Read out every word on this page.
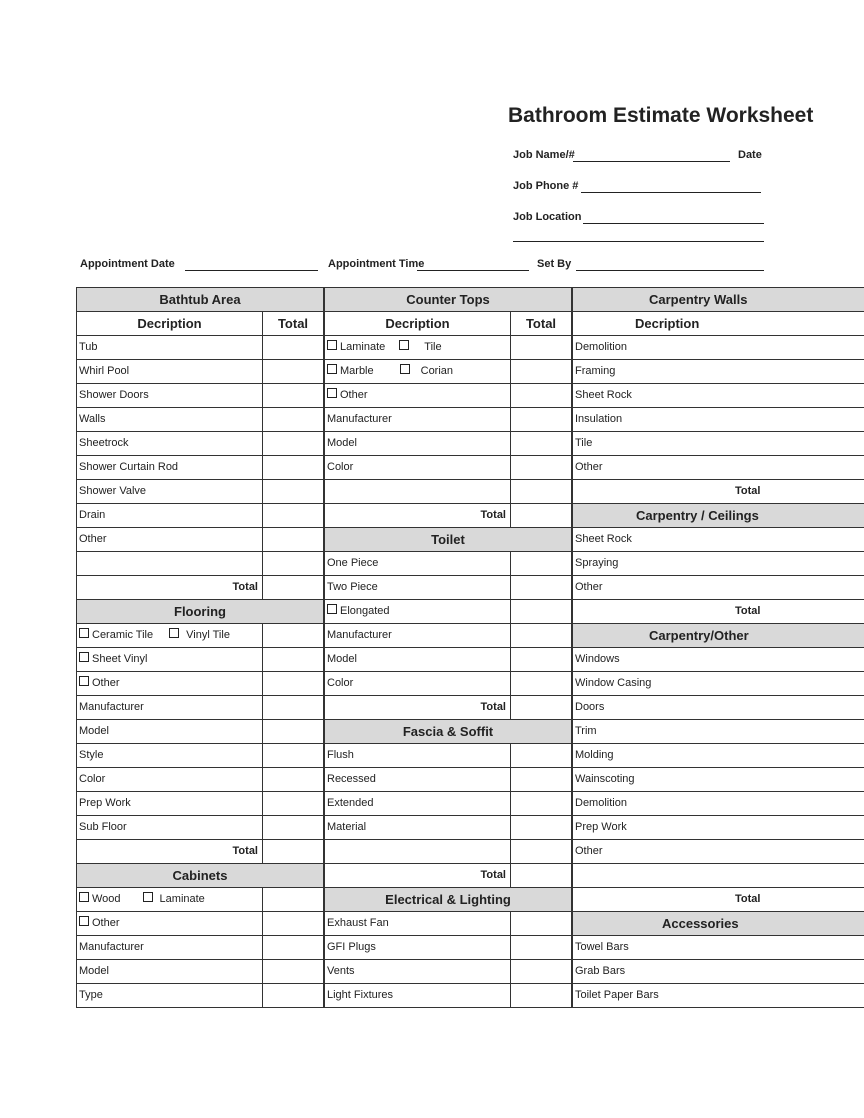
Bathroom Estimate Worksheet
Job Name/#	Date
Job Phone #
Job Location
Appointment Date	Appointment Time	Set By
Bathtub Area
Decription	Total
Tub
Whirl Pool
Shower Doors
Walls
Sheetrock
Shower Curtain Rod
Shower Valve
Drain
Other
Total
Flooring
Ceramic Tile	Vinyl Tile
Sheet Vinyl
Other
Manufacturer
Model
Style
Color
Prep Work
Sub Floor
Total
Cabinets
Wood	Laminate
Other
Manufacturer
Model
Type
Counter Tops
Decription	Total
Laminate	Tile
Marble	Corian
Other
Manufacturer
Model
Color
Total
Toilet
One Piece
Two Piece
Elongated
Manufacturer
Model
Color
Total
Fascia & Soffit
Flush
Recessed
Extended
Material
Total
Electrical & Lighting
Exhaust Fan
GFI Plugs
Vents
Light Fixtures
Carpentry Walls
Decription
Demolition
Framing
Sheet Rock
Insulation
Tile
Other
Total
Carpentry / Ceilings
Sheet Rock
Spraying
Other
Total
Carpentry/Other
Windows
Window Casing
Doors
Trim
Molding
Wainscoting
Demolition
Prep Work
Other
Total
Accessories
Towel Bars
Grab Bars
Toilet Paper Bars
